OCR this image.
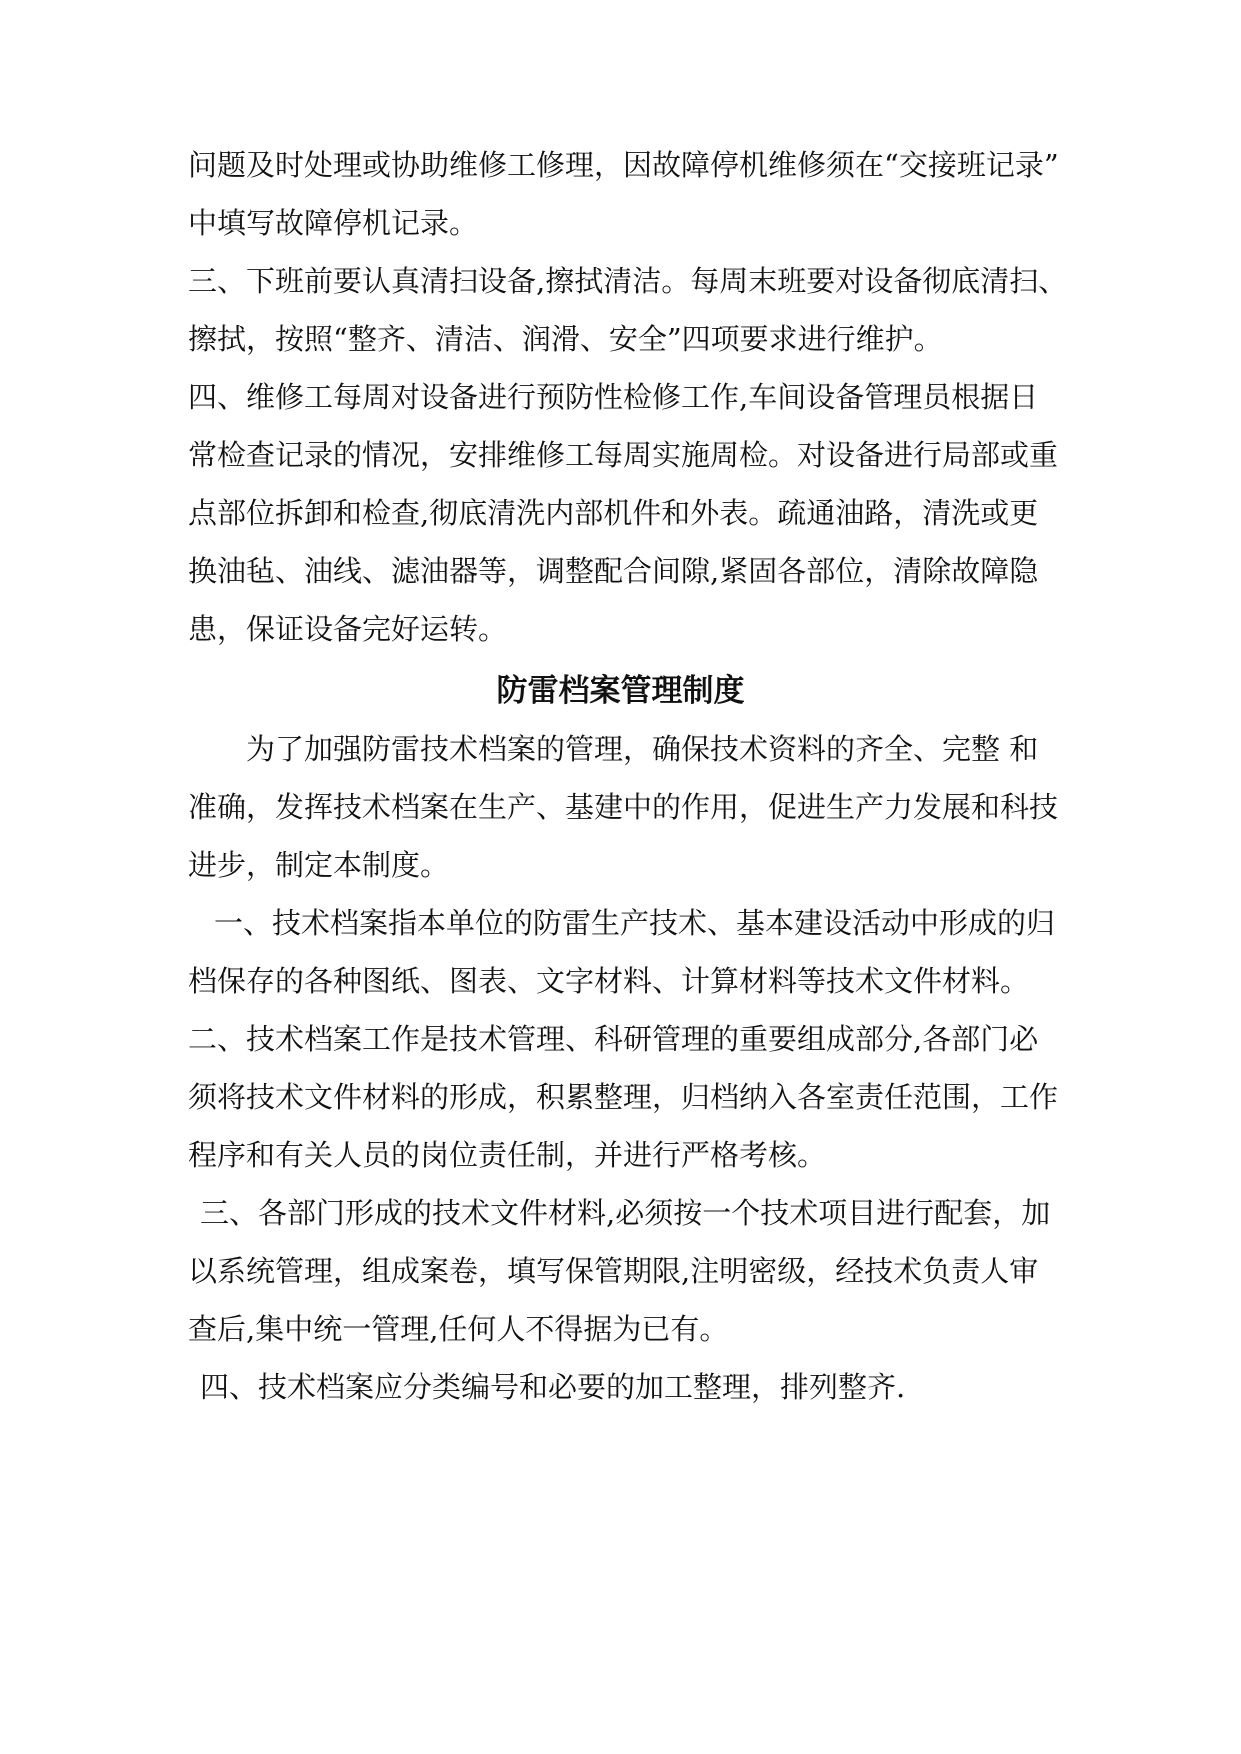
问题及时处理或协助维修工修理，因故障停机维修须在“交接班记录”

中填写故障停机记录。

三、下班前要认真清扫设备,擦拭清洁。每周末班要对设备彻底清扫、

擦拭，按照“整齐、清洁、润滑、安全”四项要求进行维护。

四、维修工每周对设备进行预防性检修工作,车间设备管理员根据日

常检查记录的情况，安排维修工每周实施周检。对设备进行局部或重

点部位拆卸和检查,彻底清洗内部机件和外表。疏通油路，清洗或更

换油毡、油线、滤油器等，调整配合间隙,紧固各部位，清除故障隐

患，保证设备完好运转。

防雷档案管理制度

为了加强防雷技术档案的管理，确保技术资料的齐全、完整 和

准确，发挥技术档案在生产、基建中的作用，促进生产力发展和科技

进步，制定本制度。

一、技术档案指本单位的防雷生产技术、基本建设活动中形成的归

档保存的各种图纸、图表、文字材料、计算材料等技术文件材料。

二、技术档案工作是技术管理、科研管理的重要组成部分,各部门必

须将技术文件材料的形成，积累整理，归档纳入各室责任范围，工作

程序和有关人员的岗位责任制，并进行严格考核。

三、各部门形成的技术文件材料,必须按一个技术项目进行配套，加

以系统管理，组成案卷，填写保管期限,注明密级，经技术负责人审

查后,集中统一管理,任何人不得据为已有。

四、技术档案应分类编号和必要的加工整理，排列整齐.
